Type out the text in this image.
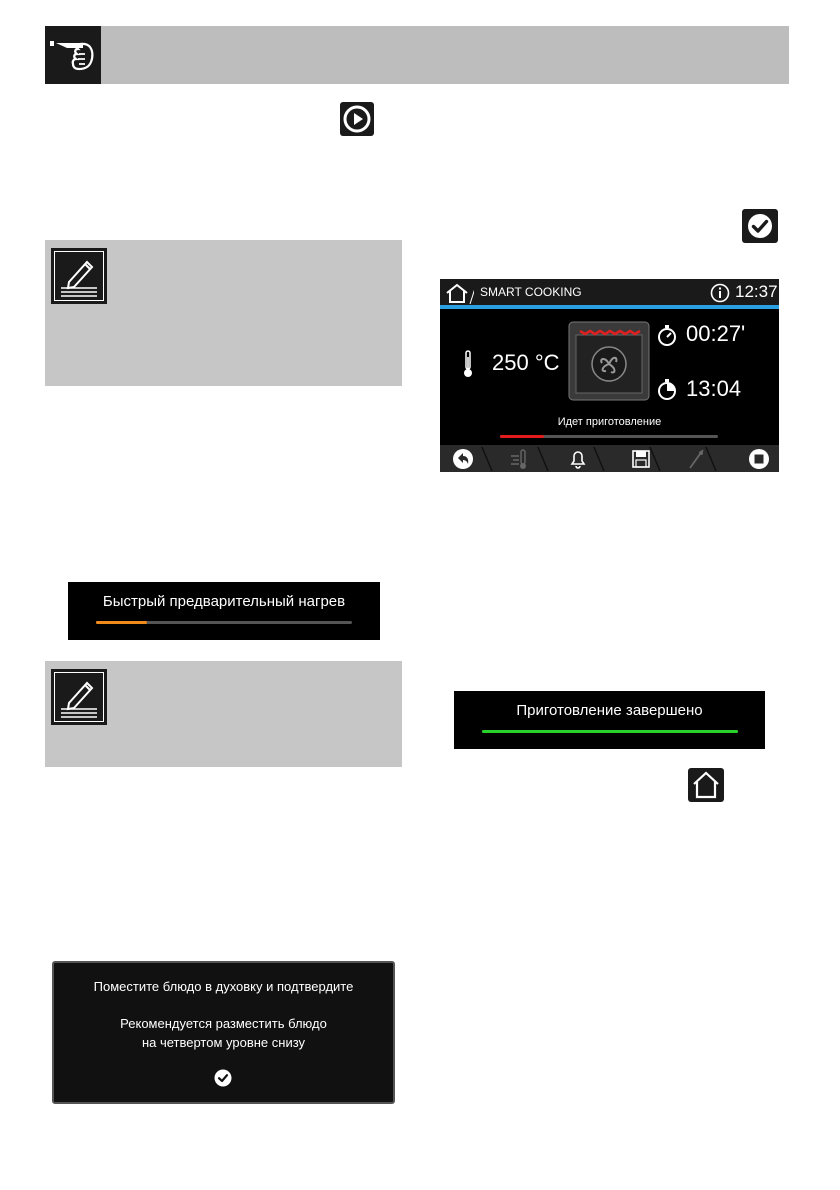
SMART COOKING	12:37
250 °C
00:27'
13:04
Идет приготовление
Быстрый предварительный нагрев
Приготовление завершено
Поместите блюдо в духовку и подтвердите
Рекомендуется разместить блюдо
на четвертом уровне снизу
